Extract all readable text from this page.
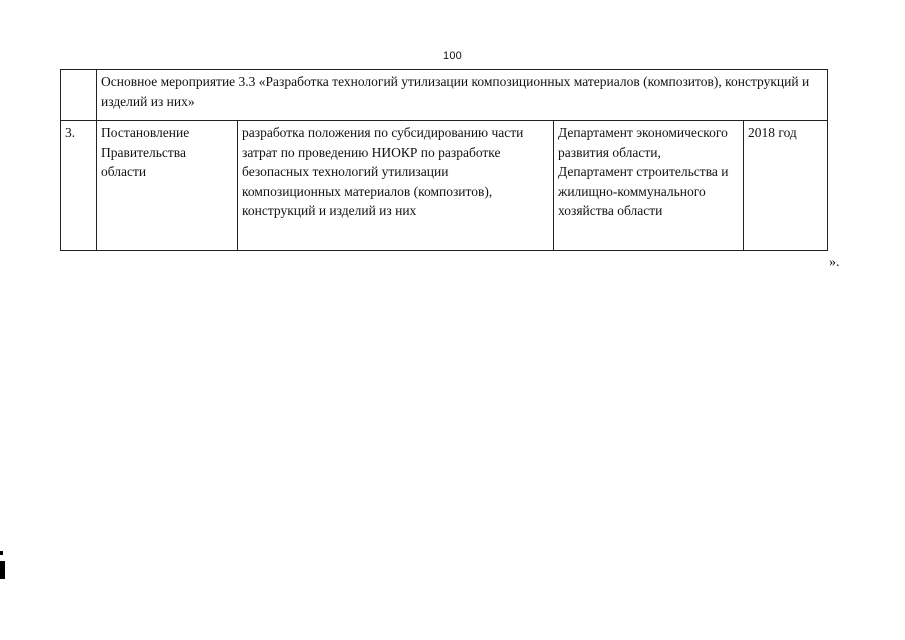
100
	Основное мероприятие 3.3 «Разработка технологий утилизации композиционных материалов (композитов), конструкций и изделий из них»			
3.	Постановление Правительства области	разработка положения по субсидированию части затрат по проведению НИОКР по разработке безопасных технологий утилизации композиционных материалов (композитов), конструкций и изделий из них	Департамент экономического развития области, Департамент строительства и жилищно-коммунального хозяйства области	2018 год
».
